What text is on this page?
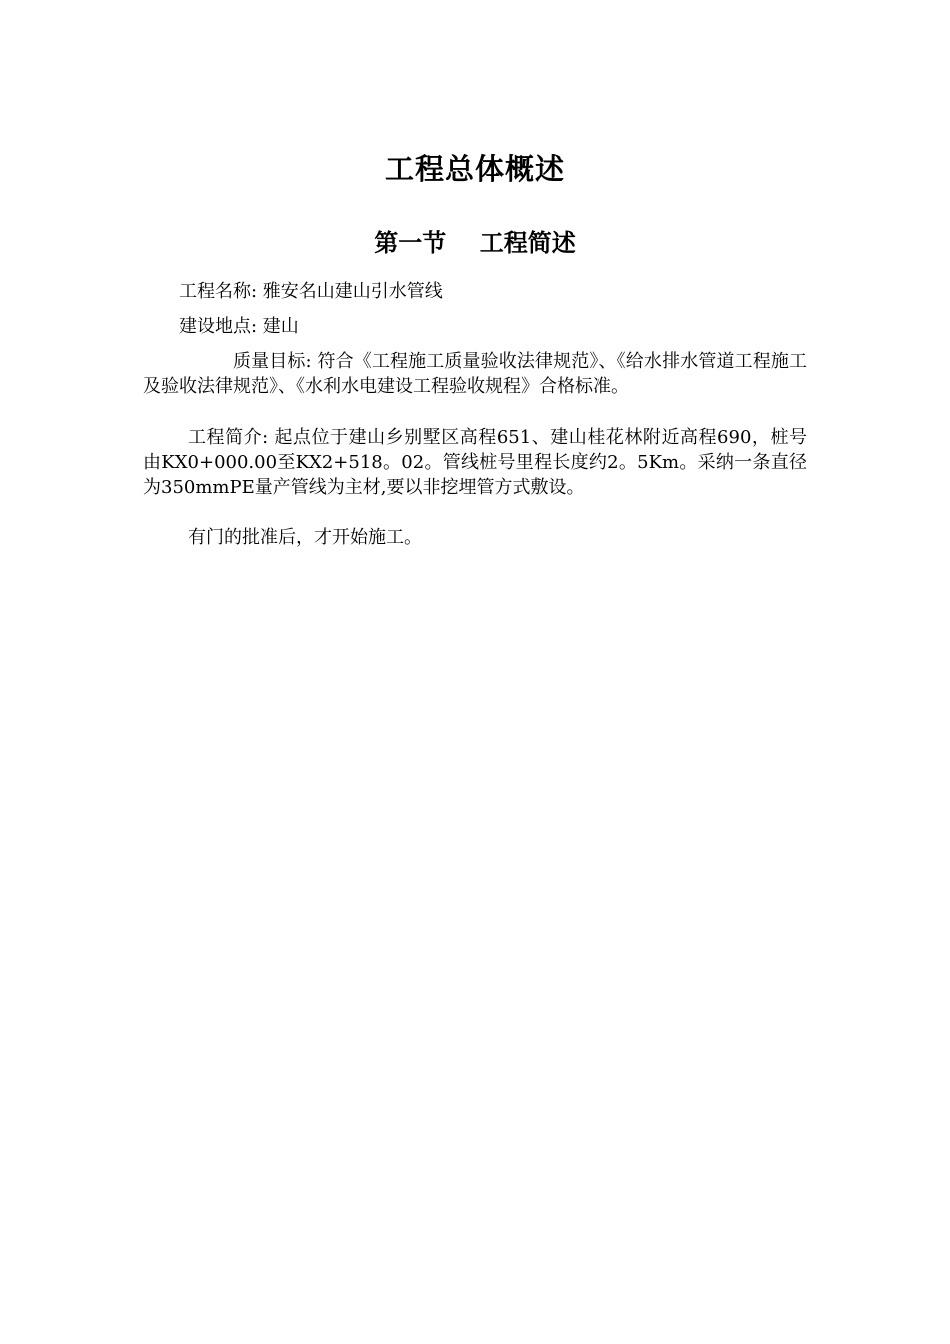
工程总体概述
第一节    工程简述

工程名称: 雅安名山建山引水管线

建设地点: 建山

质量目标: 符合《工程施工质量验收法律规范》、《给水排水管道工程施工及验收法律规范》、《水利水电建设工程验收规程》合格标准。

工程简介: 起点位于建山乡别墅区高程651、建山桂花林附近高程690，桩号由KX0+000.00至KX2+518。02。管线桩号里程长度约2。5Km。采纳一条直径为350mmPE量产管线为主材,要以非挖埋管方式敷设。

有门的批准后，才开始施工。
